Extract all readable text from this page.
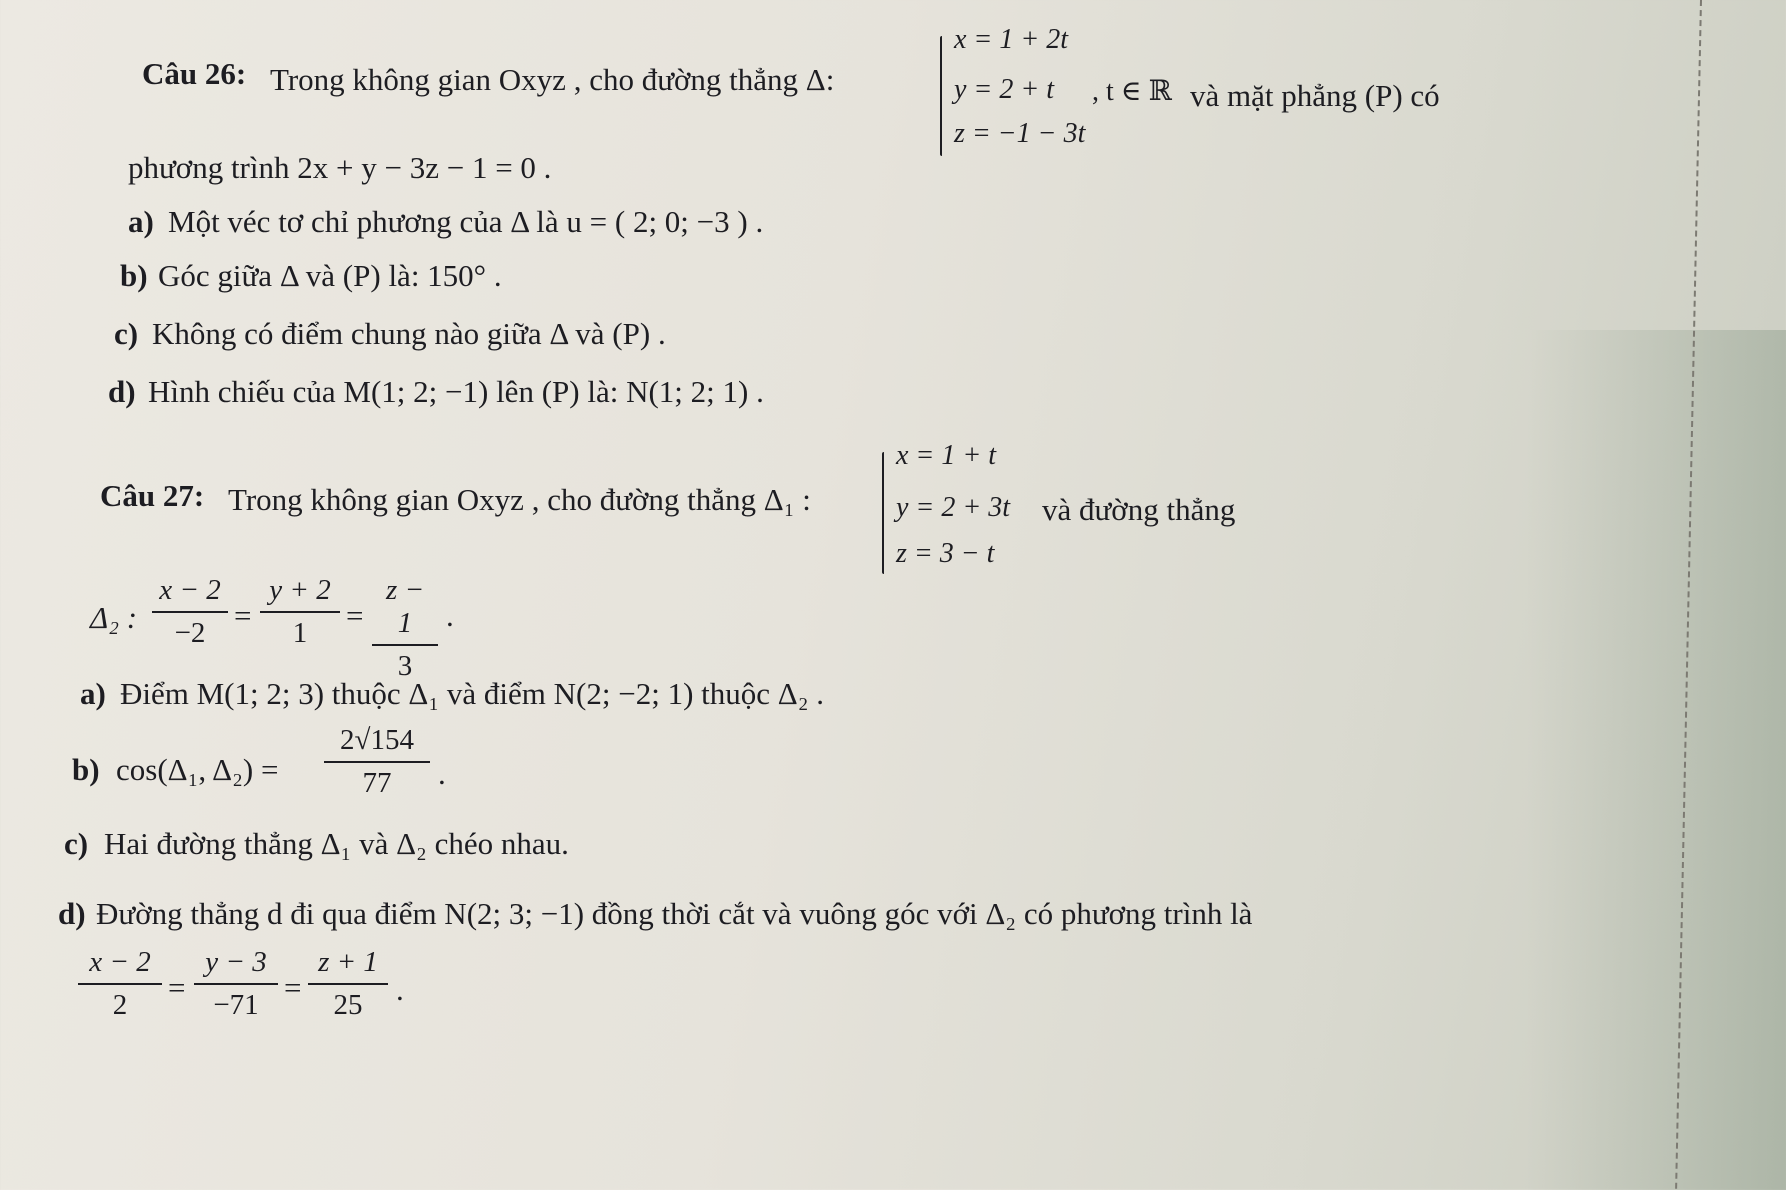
Câu 26: Trong không gian Oxyz , cho đường thẳng Δ:
x = 1 + 2t
y = 2 + t
z = −1 − 3t
, t ∈ ℝ và mặt phẳng (P) có
phương trình 2x + y − 3z − 1 = 0 .
a) Một véc tơ chỉ phương của Δ là u = ( 2; 0; −3 ) .
b) Góc giữa Δ và (P) là: 150° .
c) Không có điểm chung nào giữa Δ và (P) .
d) Hình chiếu của M(1; 2; −1) lên (P) là: N(1; 2; 1) .
Câu 27: Trong không gian Oxyz , cho đường thẳng Δ₁ :
x = 1 + t
y = 2 + 3t
z = 3 − t
và đường thẳng
Δ₂ :
x − 2
−2 =
y + 2
1	=
z − 1
3
.
a) Điểm M(1; 2; 3) thuộc Δ₁ và điểm N(2; −2; 1) thuộc Δ₂ .
b) cos(Δ₁, Δ₂) =
2√154
77	.
c) Hai đường thẳng Δ₁ và Δ₂ chéo nhau.
d) Đường thẳng d đi qua điểm N(2; 3; −1) đồng thời cắt và vuông góc với Δ₂ có phương trình là
x − 2
2	=
y − 3
−71 =
z + 1
25	.
